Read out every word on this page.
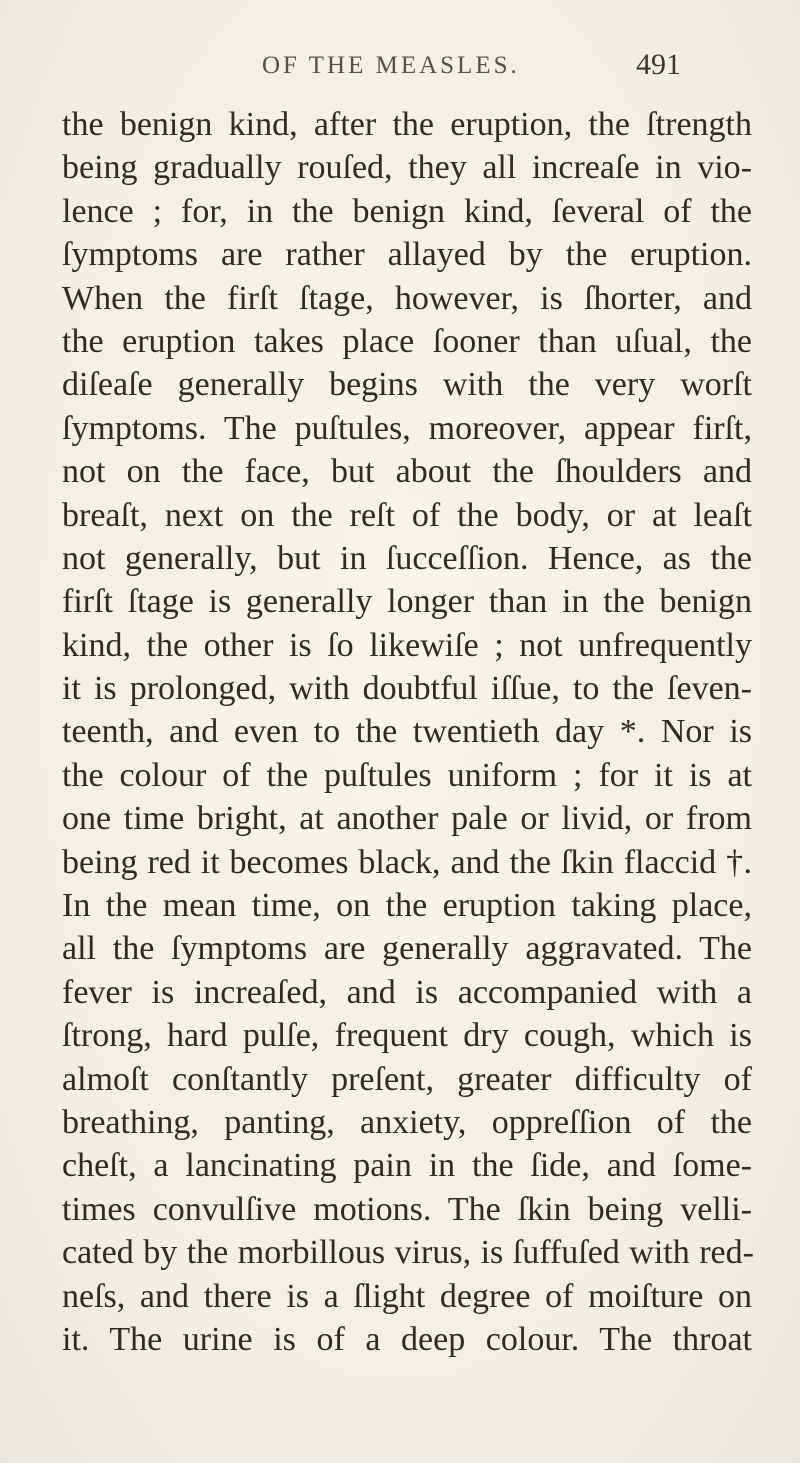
OF THE MEASLES.	491
the benign kind, after the eruption, the ſtrength
being gradually rouſed, they all increaſe in vio-
lence ; for, in the benign kind, ſeveral of the
ſymptoms are rather allayed by the eruption.
When the firſt ſtage, however, is ſhorter, and
the eruption takes place ſooner than uſual, the
diſeaſe generally begins with the very worſt
ſymptoms. The puſtules, moreover, appear firſt,
not on the face, but about the ſhoulders and
breaſt, next on the reſt of the body, or at leaſt
not generally, but in ſucceſſion. Hence, as the
firſt ſtage is generally longer than in the benign
kind, the other is ſo likewiſe ; not unfrequently
it is prolonged, with doubtful iſſue, to the ſeven-
teenth, and even to the twentieth day *. Nor is
the colour of the puſtules uniform ; for it is at
one time bright, at another pale or livid, or from
being red it becomes black, and the ſkin flaccid †.
In the mean time, on the eruption taking place,
all the ſymptoms are generally aggravated. The
fever is increaſed, and is accompanied with a
ſtrong, hard pulſe, frequent dry cough, which is
almoſt conſtantly preſent, greater difficulty of
breathing, panting, anxiety, oppreſſion of the
cheſt, a lancinating pain in the ſide, and ſome-
times convulſive motions. The ſkin being velli-
cated by the morbillous virus, is ſuffuſed with red-
neſs, and there is a ſlight degree of moiſture on
it. The urine is of a deep colour. The throat
